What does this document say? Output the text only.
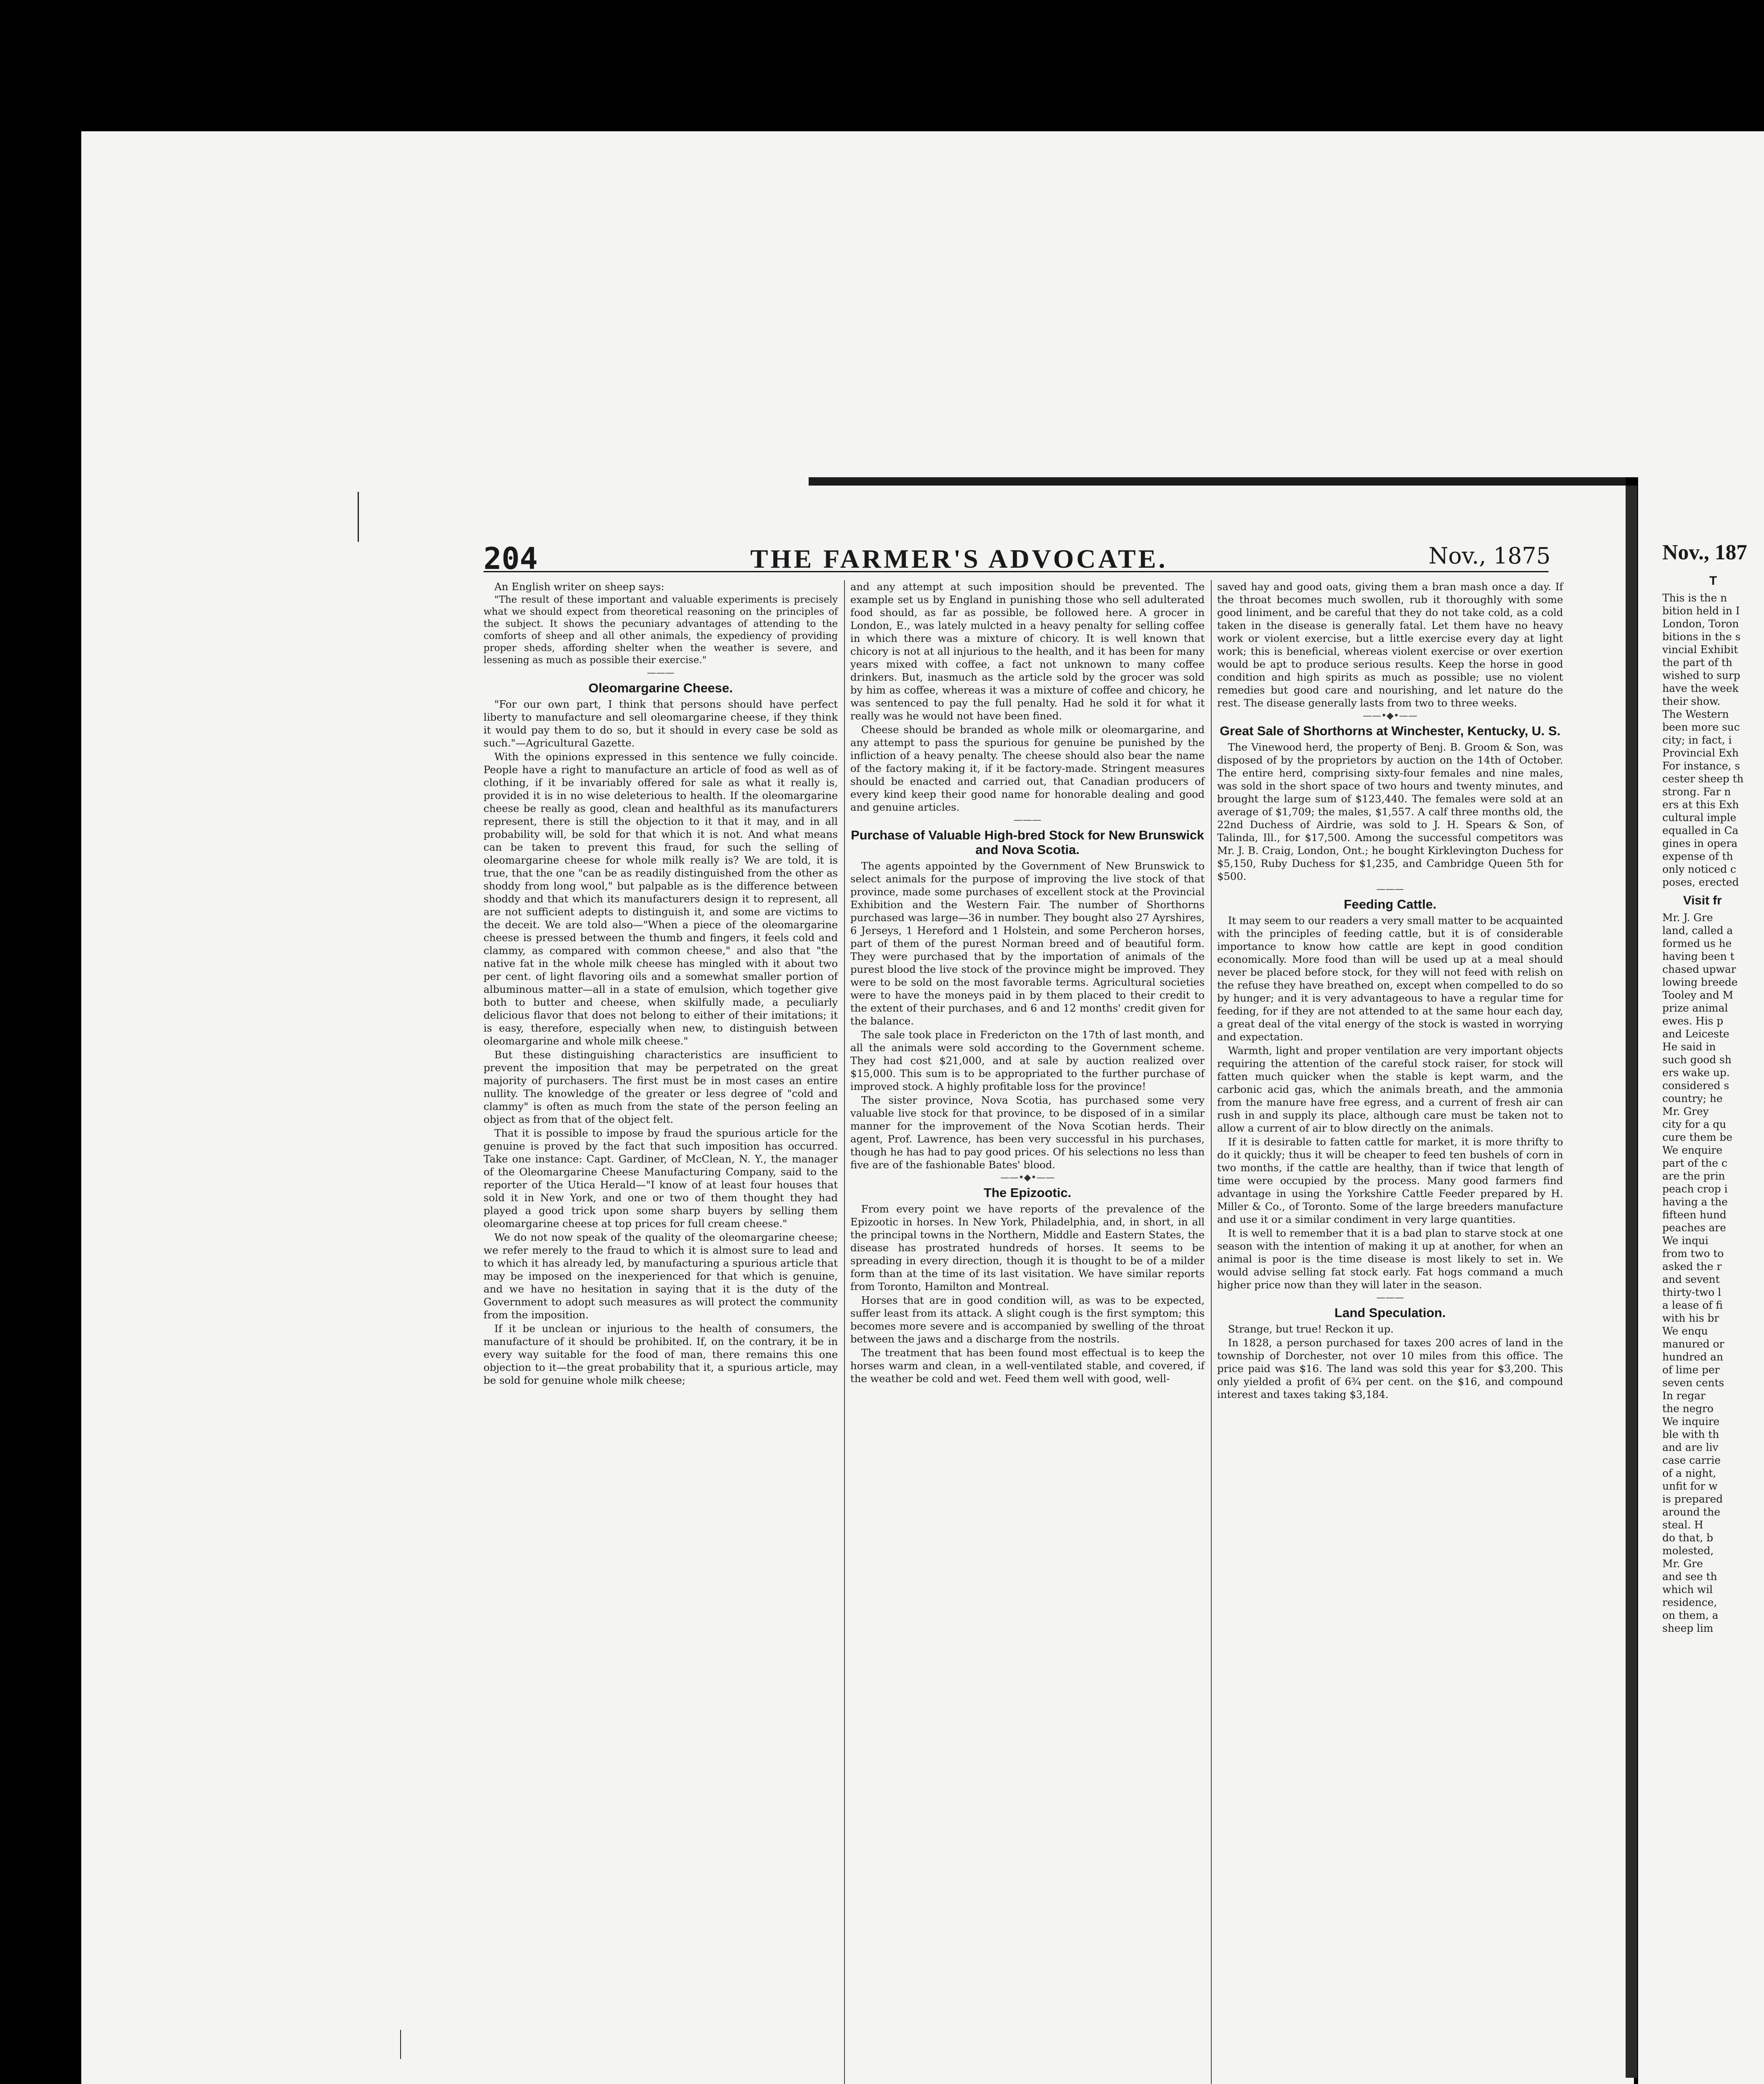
204	THE FARMER'S ADVOCATE.	Nov., 1875

An English writer on sheep says:

"The result of these important and valuable experiments is precisely what we should expect from theoretical reasoning on the principles of the subject. It shows the pecuniary advantages of attending to the comforts of sheep and all other animals, the expediency of providing proper sheds, affording shelter when the weather is severe, and lessening as much as possible their exercise."

———
Oleomargarine Cheese.

"For our own part, I think that persons should have perfect liberty to manufacture and sell oleomargarine cheese, if they think it would pay them to do so, but it should in every case be sold as such."—Agricultural Gazette.

With the opinions expressed in this sentence we fully coincide. People have a right to manufacture an article of food as well as of clothing, if it be invariably offered for sale as what it really is, provided it is in no wise deleterious to health. If the oleomargarine cheese be really as good, clean and healthful as its manufacturers represent, there is still the objection to it that it may, and in all probability will, be sold for that which it is not. And what means can be taken to prevent this fraud, for such the selling of oleomargarine cheese for whole milk really is? We are told, it is true, that the one "can be as readily distinguished from the other as shoddy from long wool," but palpable as is the difference between shoddy and that which its manufacturers design it to represent, all are not sufficient adepts to distinguish it, and some are victims to the deceit. We are told also—"When a piece of the oleomargarine cheese is pressed between the thumb and fingers, it feels cold and clammy, as compared with common cheese," and also that "the native fat in the whole milk cheese has mingled with it about two per cent. of light flavoring oils and a somewhat smaller portion of albuminous matter—all in a state of emulsion, which together give both to butter and cheese, when skilfully made, a peculiarly delicious flavor that does not belong to either of their imitations; it is easy, therefore, especially when new, to distinguish between oleomargarine and whole milk cheese."

But these distinguishing characteristics are insufficient to prevent the imposition that may be perpetrated on the great majority of purchasers. The first must be in most cases an entire nullity. The knowledge of the greater or less degree of "cold and clammy" is often as much from the state of the person feeling an object as from that of the object felt.

That it is possible to impose by fraud the spurious article for the genuine is proved by the fact that such imposition has occurred. Take one instance: Capt. Gardiner, of McClean, N. Y., the manager of the Oleomargarine Cheese Manufacturing Company, said to the reporter of the Utica Herald—"I know of at least four houses that sold it in New York, and one or two of them thought they had played a good trick upon some sharp buyers by selling them oleomargarine cheese at top prices for full cream cheese."

We do not now speak of the quality of the oleomargarine cheese; we refer merely to the fraud to which it is almost sure to lead and to which it has already led, by manufacturing a spurious article that may be imposed on the inexperienced for that which is genuine, and we have no hesitation in saying that it is the duty of the Government to adopt such measures as will protect the community from the imposition.

If it be unclean or injurious to the health of consumers, the manufacture of it should be prohibited. If, on the contrary, it be in every way suitable for the food of man, there remains this one objection to it—the great probability that it, a spurious article, may be sold for genuine whole milk cheese;

and any attempt at such imposition should be prevented. The example set us by England in punishing those who sell adulterated food should, as far as possible, be followed here. A grocer in London, E., was lately mulcted in a heavy penalty for selling coffee in which there was a mixture of chicory. It is well known that chicory is not at all injurious to the health, and it has been for many years mixed with coffee, a fact not unknown to many coffee drinkers. But, inasmuch as the article sold by the grocer was sold by him as coffee, whereas it was a mixture of coffee and chicory, he was sentenced to pay the full penalty. Had he sold it for what it really was he would not have been fined.

Cheese should be branded as whole milk or oleomargarine, and any attempt to pass the spurious for genuine be punished by the infliction of a heavy penalty. The cheese should also bear the name of the factory making it, if it be factory-made. Stringent measures should be enacted and carried out, that Canadian producers of every kind keep their good name for honorable dealing and good and genuine articles.

———
Purchase of Valuable High-bred Stock for New Brunswick and Nova Scotia.

The agents appointed by the Government of New Brunswick to select animals for the purpose of improving the live stock of that province, made some purchases of excellent stock at the Provincial Exhibition and the Western Fair. The number of Shorthorns purchased was large—36 in number. They bought also 27 Ayrshires, 6 Jerseys, 1 Hereford and 1 Holstein, and some Percheron horses, part of them of the purest Norman breed and of beautiful form. They were purchased that by the importation of animals of the purest blood the live stock of the province might be improved. They were to be sold on the most favorable terms. Agricultural societies were to have the moneys paid in by them placed to their credit to the extent of their purchases, and 6 and 12 months' credit given for the balance.

The sale took place in Fredericton on the 17th of last month, and all the animals were sold according to the Government scheme. They had cost $21,000, and at sale by auction realized over $15,000. This sum is to be appropriated to the further purchase of improved stock. A highly profitable loss for the province!

The sister province, Nova Scotia, has purchased some very valuable live stock for that province, to be disposed of in a similar manner for the improvement of the Nova Scotian herds. Their agent, Prof. Lawrence, has been very successful in his purchases, though he has had to pay good prices. Of his selections no less than five are of the fashionable Bates' blood.

——•◆•——
The Epizootic.

From every point we have reports of the prevalence of the Epizootic in horses. In New York, Philadelphia, and, in short, in all the principal towns in the Northern, Middle and Eastern States, the disease has prostrated hundreds of horses. It seems to be spreading in every direction, though it is thought to be of a milder form than at the time of its last visitation. We have similar reports from Toronto, Hamilton and Montreal.

Horses that are in good condition will, as was to be expected, suffer least from its attack. A slight cough is the first symptom; this becomes more severe and is accompanied by swelling of the throat between the jaws and a discharge from the nostrils.

The treatment that has been found most effectual is to keep the horses warm and clean, in a well-ventilated stable, and covered, if the weather be cold and wet. Feed them well with good, well-

saved hay and good oats, giving them a bran mash once a day. If the throat becomes much swollen, rub it thoroughly with some good liniment, and be careful that they do not take cold, as a cold taken in the disease is generally fatal. Let them have no heavy work or violent exercise, but a little exercise every day at light work; this is beneficial, whereas violent exercise or over exertion would be apt to produce serious results. Keep the horse in good condition and high spirits as much as possible; use no violent remedies but good care and nourishing, and let nature do the rest. The disease generally lasts from two to three weeks.

——•◆•——
Great Sale of Shorthorns at Winchester, Kentucky, U. S.

The Vinewood herd, the property of Benj. B. Groom & Son, was disposed of by the proprietors by auction on the 14th of October. The entire herd, comprising sixty-four females and nine males, was sold in the short space of two hours and twenty minutes, and brought the large sum of $123,440. The females were sold at an average of $1,709; the males, $1,557. A calf three months old, the 22nd Duchess of Airdrie, was sold to J. H. Spears & Son, of Talinda, Ill., for $17,500. Among the successful competitors was Mr. J. B. Craig, London, Ont.; he bought Kirklevington Duchess for $5,150, Ruby Duchess for $1,235, and Cambridge Queen 5th for $500.

———
Feeding Cattle.

It may seem to our readers a very small matter to be acquainted with the principles of feeding cattle, but it is of considerable importance to know how cattle are kept in good condition economically. More food than will be used up at a meal should never be placed before stock, for they will not feed with relish on the refuse they have breathed on, except when compelled to do so by hunger; and it is very advantageous to have a regular time for feeding, for if they are not attended to at the same hour each day, a great deal of the vital energy of the stock is wasted in worrying and expectation.

Warmth, light and proper ventilation are very important objects requiring the attention of the careful stock raiser, for stock will fatten much quicker when the stable is kept warm, and the carbonic acid gas, which the animals breath, and the ammonia from the manure have free egress, and a current of fresh air can rush in and supply its place, although care must be taken not to allow a current of air to blow directly on the animals.

If it is desirable to fatten cattle for market, it is more thrifty to do it quickly; thus it will be cheaper to feed ten bushels of corn in two months, if the cattle are healthy, than if twice that length of time were occupied by the process. Many good farmers find advantage in using the Yorkshire Cattle Feeder prepared by H. Miller & Co., of Toronto. Some of the large breeders manufacture and use it or a similar condiment in very large quantities.

It is well to remember that it is a bad plan to starve stock at one season with the intention of making it up at another, for when an animal is poor is the time disease is most likely to set in. We would advise selling fat stock early. Fat hogs command a much higher price now than they will later in the season.

———
Land Speculation.

Strange, but true! Reckon it up.

In 1828, a person purchased for taxes 200 acres of land in the township of Dorchester, not over 10 miles from this office. The price paid was $16. The land was sold this year for $3,200. This only yielded a profit of 6¾ per cent. on the $16, and compound interest and taxes taking $3,184.

Nov., 187
T
This is the n
bition held in I
London, Toron
bitions in the s
vincial Exhibit
the part of th
wished to surp
have the week
their show.
The Western
been more suc
city; in fact, i
Provincial Exh
For instance, s
cester sheep th
strong. Far n
ers at this Exh
cultural imple
equalled in Ca
gines in opera
expense of th
only noticed c
poses, erected
Visit fr
Mr. J. Gre
land, called a
formed us he
having been t
chased upwar
lowing breede
Tooley and M
prize animal
ewes. His p
and Leiceste
He said in
such good sh
ers wake up.
considered s
country; he
Mr. Grey
city for a qu
cure them be
We enquire
part of the c
are the prin
peach crop i
having a the
fifteen hund
peaches are
We inqui
from two to
asked the r
and sevent
thirty-two l
a lease of fi
with his br
We enqu
manured or
hundred an
of lime per
seven cents
In regar
the negro
We inquire
ble with th
and are liv
case carrie
of a night,
unfit for w
is prepared
around the
steal. H
do that, b
molested,
Mr. Gre
and see th
which wil
residence,
on them, a
sheep lim
